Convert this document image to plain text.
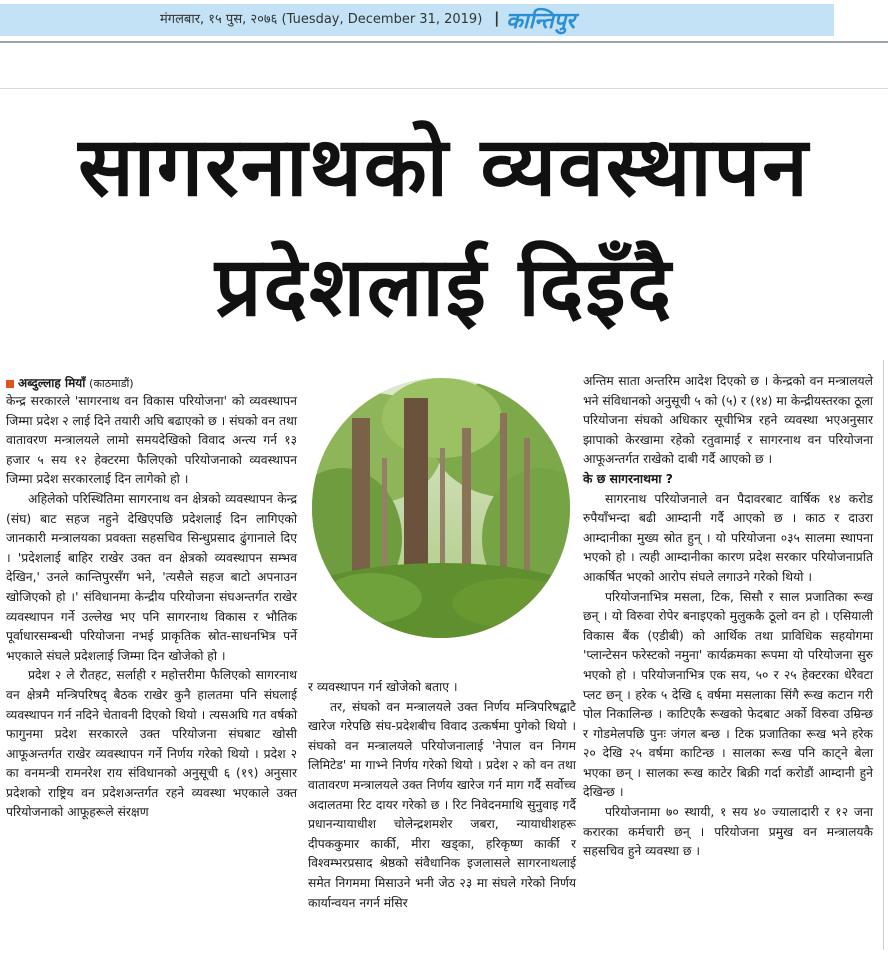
मंगलबार, १५ पुस, २०७६ (Tuesday, December 31, 2019) | कान्तिपुर
सागरनाथको व्यवस्थापन
प्रदेशलाई दिइँदै
अब्दुल्लाह मियाँ (काठमाडौं)

केन्द्र सरकारले 'सागरनाथ वन विकास परियोजना' को व्यवस्थापन जिम्मा प्रदेश २ लाई दिने तयारी अघि बढाएको छ । संघको वन तथा वातावरण मन्त्रालयले लामो समयदेखिको विवाद अन्त्य गर्न १३ हजार ५ सय १२ हेक्टरमा फैलिएको परियोजनाको व्यवस्थापन जिम्मा प्रदेश सरकारलाई दिन लागेको हो ।

अहिलेको परिस्थितिमा सागरनाथ वन क्षेत्रको व्यवस्थापन केन्द्र (संघ) बाट सहज नहुने देखिएपछि प्रदेशलाई दिन लागिएको जानकारी मन्त्रालयका प्रवक्ता सहसचिव सिन्धुप्रसाद ढुंगानाले दिए । 'प्रदेशलाई बाहिर राखेर उक्त वन क्षेत्रको व्यवस्थापन सम्भव देखिन,' उनले कान्तिपुरसँग भने, 'त्यसैले सहज बाटो अपनाउन खोजिएको हो ।' संविधानमा केन्द्रीय परियोजना संघअन्तर्गत राखेर व्यवस्थापन गर्ने उल्लेख भए पनि सागरनाथ विकास र भौतिक पूर्वाधारसम्बन्धी परियोजना नभई प्राकृतिक स्रोत-साधनभित्र पर्ने भएकाले संघले प्रदेशलाई जिम्मा दिन खोजेको हो ।

प्रदेश २ ले रौतहट, सर्लाही र महोत्तरीमा फैलिएको सागरनाथ वन क्षेत्रमै मन्त्रिपरिषद् बैठक राखेर कुनै हालतमा पनि संघलाई व्यवस्थापन गर्न नदिने चेतावनी दिएको थियो । त्यसअघि गत वर्षको फागुनमा प्रदेश सरकारले उक्त परियोजना संघबाट खोसी आफूअन्तर्गत राखेर व्यवस्थापन गर्ने निर्णय गरेको थियो । प्रदेश २ का वनमन्त्री रामनरेश राय संविधानको अनुसूची ६ (१९) अनुसार प्रदेशको राष्ट्रिय वन प्रदेशअन्तर्गत रहने व्यवस्था भएकाले उक्त परियोजनाको आफूहरूले संरक्षण

र व्यवस्थापन गर्न खोजेको बताए ।

तर, संघको वन मन्त्रालयले उक्त निर्णय मन्त्रिपरिषद्बाटै खारेज गरेपछि संघ-प्रदेशबीच विवाद उत्कर्षमा पुगेको थियो । संघको वन मन्त्रालयले परियोजनालाई 'नेपाल वन निगम लिमिटेड' मा गाभ्ने निर्णय गरेको थियो । प्रदेश २ को वन तथा वातावरण मन्त्रालयले उक्त निर्णय खारेज गर्न माग गर्दै सर्वोच्च अदालतमा रिट दायर गरेको छ । रिट निवेदनमाथि सुनुवाइ गर्दै प्रधानन्यायाधीश चोलेन्द्रशमशेर जबरा, न्यायाधीशहरू दीपककुमार कार्की, मीरा खड्का, हरिकृष्ण कार्की र विश्वम्भरप्रसाद श्रेष्ठको संवैधानिक इजलासले सागरनाथलाई समेत निगममा मिसाउने भनी जेठ २३ मा संघले गरेको निर्णय कार्यान्वयन नगर्न मंसिर

अन्तिम साता अन्तरिम आदेश दिएको छ । केन्द्रको वन मन्त्रालयले भने संविधानको अनुसूची ५ को (५) र (१४) मा केन्द्रीयस्तरका ठूला परियोजना संघको अधिकार सूचीभित्र रहने व्यवस्था भएअनुसार झापाको केरखामा रहेको रतुवामाई र सागरनाथ वन परियोजना आफूअन्तर्गत राखेको दाबी गर्दै आएको छ ।

के छ सागरनाथमा ?

सागरनाथ परियोजनाले वन पैदावरबाट वार्षिक १४ करोड रुपैयाँभन्दा बढी आम्दानी गर्दै आएको छ । काठ र दाउरा आम्दानीका मुख्य स्रोत हुन् । यो परियोजना ०३५ सालमा स्थापना भएको हो । त्यही आम्दानीका कारण प्रदेश सरकार परियोजनाप्रति आकर्षित भएको आरोप संघले लगाउने गरेको थियो ।

परियोजनाभित्र मसला, टिक, सिसौ र साल प्रजातिका रूख छन् । यो विरुवा रोपेर बनाइएको मुलुककै ठूलो वन हो । एसियाली विकास बैंक (एडीबी) को आर्थिक तथा प्राविधिक सहयोगमा 'प्लान्टेसन फरेस्टको नमुना' कार्यक्रमका रूपमा यो परियोजना सुरु भएको हो । परियोजनाभित्र एक सय, ५० र २५ हेक्टरका धेरैवटा प्लट छन् । हरेक ५ देखि ६ वर्षमा मसलाका सिंगै रूख कटान गरी पोल निकालिन्छ । काटिएकै रूखको फेदबाट अर्को विरुवा उम्रिन्छ र गोडमेलपछि पुनः जंगल बन्छ । टिक प्रजातिका रूख भने हरेक २० देखि २५ वर्षमा काटिन्छ । सालका रूख पनि काट्ने बेला भएका छन् । सालका रूख काटेर बिक्री गर्दा करोडौं आम्दानी हुने देखिन्छ ।

परियोजनामा ७० स्थायी, १ सय ४० ज्यालादारी र १२ जना करारका कर्मचारी छन् । परियोजना प्रमुख वन मन्त्रालयकै सहसचिव हुने व्यवस्था छ ।
